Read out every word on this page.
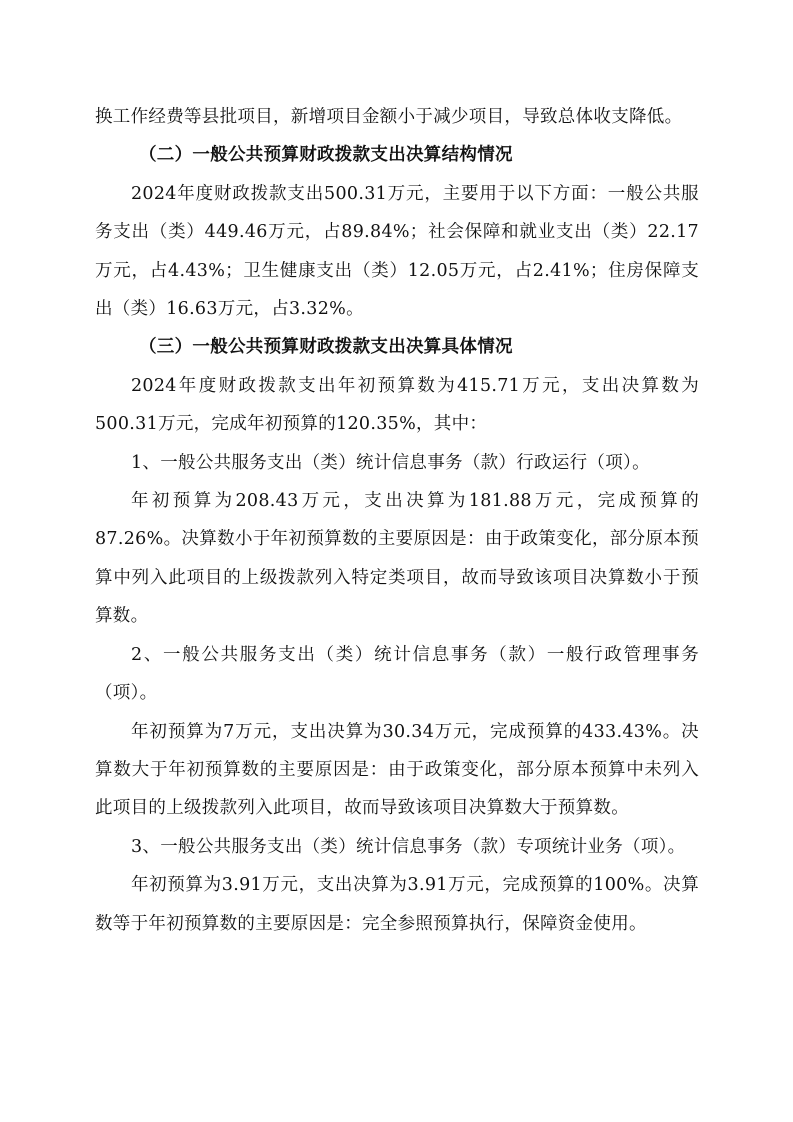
换工作经费等县批项目，新增项目金额小于减少项目，导致总体收支降低。

（二）一般公共预算财政拨款支出决算结构情况

2024年度财政拨款支出500.31万元，主要用于以下方面：一般公共服务支出（类）449.46万元，占89.84%；社会保障和就业支出（类）22.17万元，占4.43%；卫生健康支出（类）12.05万元，占2.41%；住房保障支出（类）16.63万元，占3.32%。

（三）一般公共预算财政拨款支出决算具体情况

2024年度财政拨款支出年初预算数为415.71万元，支出决算数为500.31万元，完成年初预算的120.35%，其中：

1、一般公共服务支出（类）统计信息事务（款）行政运行（项）。

年初预算为208.43万元，支出决算为181.88万元，完成预算的87.26%。决算数小于年初预算数的主要原因是：由于政策变化，部分原本预算中列入此项目的上级拨款列入特定类项目，故而导致该项目决算数小于预算数。

2、一般公共服务支出（类）统计信息事务（款）一般行政管理事务（项）。

年初预算为7万元，支出决算为30.34万元，完成预算的433.43%。决算数大于年初预算数的主要原因是：由于政策变化，部分原本预算中未列入此项目的上级拨款列入此项目，故而导致该项目决算数大于预算数。

3、一般公共服务支出（类）统计信息事务（款）专项统计业务（项）。

年初预算为3.91万元，支出决算为3.91万元，完成预算的100%。决算数等于年初预算数的主要原因是：完全参照预算执行，保障资金使用。
